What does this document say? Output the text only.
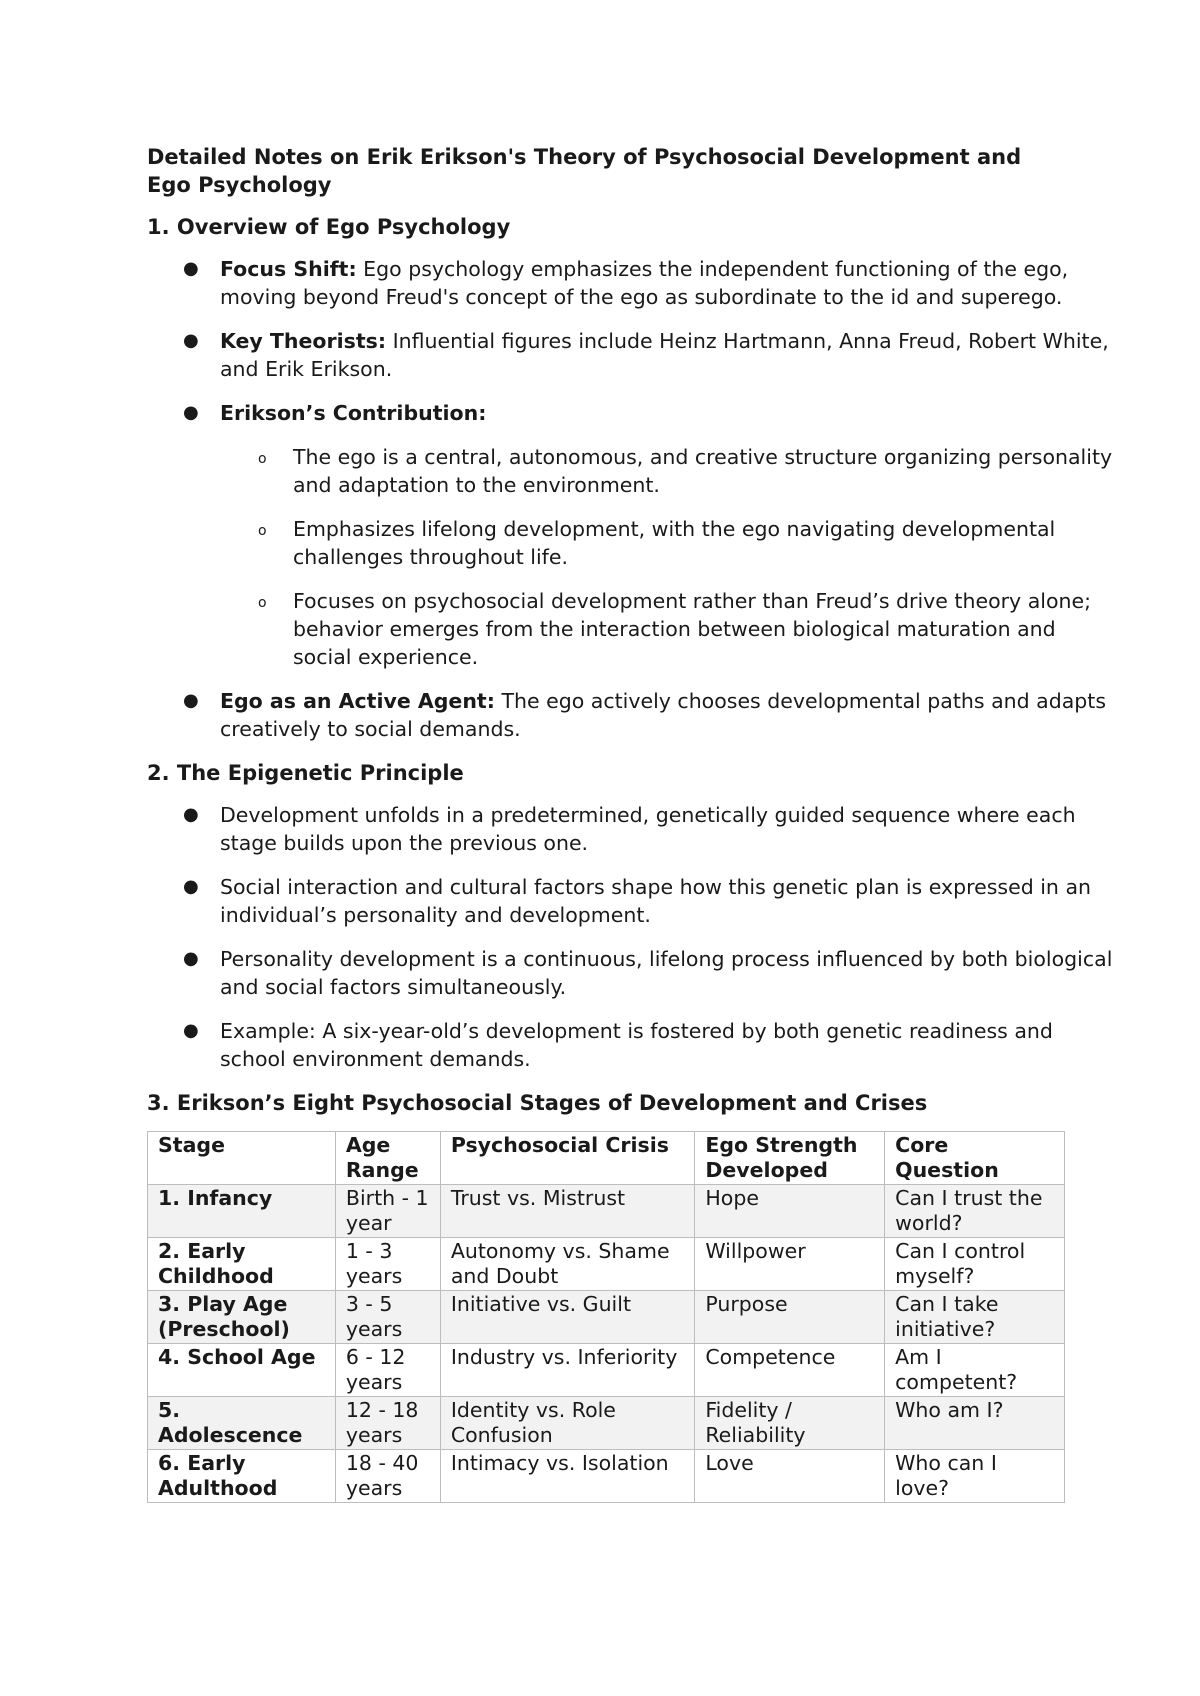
Detailed Notes on Erik Erikson's Theory of Psychosocial Development and Ego Psychology
1. Overview of Ego Psychology
● Focus Shift: Ego psychology emphasizes the independent functioning of the ego, moving beyond Freud's concept of the ego as subordinate to the id and superego.
● Key Theorists: Influential figures include Heinz Hartmann, Anna Freud, Robert White, and Erik Erikson.
● Erikson’s Contribution:
o The ego is a central, autonomous, and creative structure organizing personality and adaptation to the environment.
o Emphasizes lifelong development, with the ego navigating developmental challenges throughout life.
o Focuses on psychosocial development rather than Freud’s drive theory alone; behavior emerges from the interaction between biological maturation and social experience.
● Ego as an Active Agent: The ego actively chooses developmental paths and adapts creatively to social demands.
2. The Epigenetic Principle
● Development unfolds in a predetermined, genetically guided sequence where each stage builds upon the previous one.
● Social interaction and cultural factors shape how this genetic plan is expressed in an individual’s personality and development.
● Personality development is a continuous, lifelong process influenced by both biological and social factors simultaneously.
● Example: A six-year-old’s development is fostered by both genetic readiness and school environment demands.
3. Erikson’s Eight Psychosocial Stages of Development and Crises
Stage	Age Range	Psychosocial Crisis	Ego Strength Developed	Core Question
1. Infancy	Birth - 1 year	Trust vs. Mistrust	Hope	Can I trust the world?
2. Early Childhood	1 - 3 years	Autonomy vs. Shame and Doubt	Willpower	Can I control myself?
3. Play Age (Preschool)	3 - 5 years	Initiative vs. Guilt	Purpose	Can I take initiative?
4. School Age	6 - 12 years	Industry vs. Inferiority	Competence	Am I competent?
5. Adolescence	12 - 18 years	Identity vs. Role Confusion	Fidelity / Reliability	Who am I?
6. Early Adulthood	18 - 40 years	Intimacy vs. Isolation	Love	Who can I love?
